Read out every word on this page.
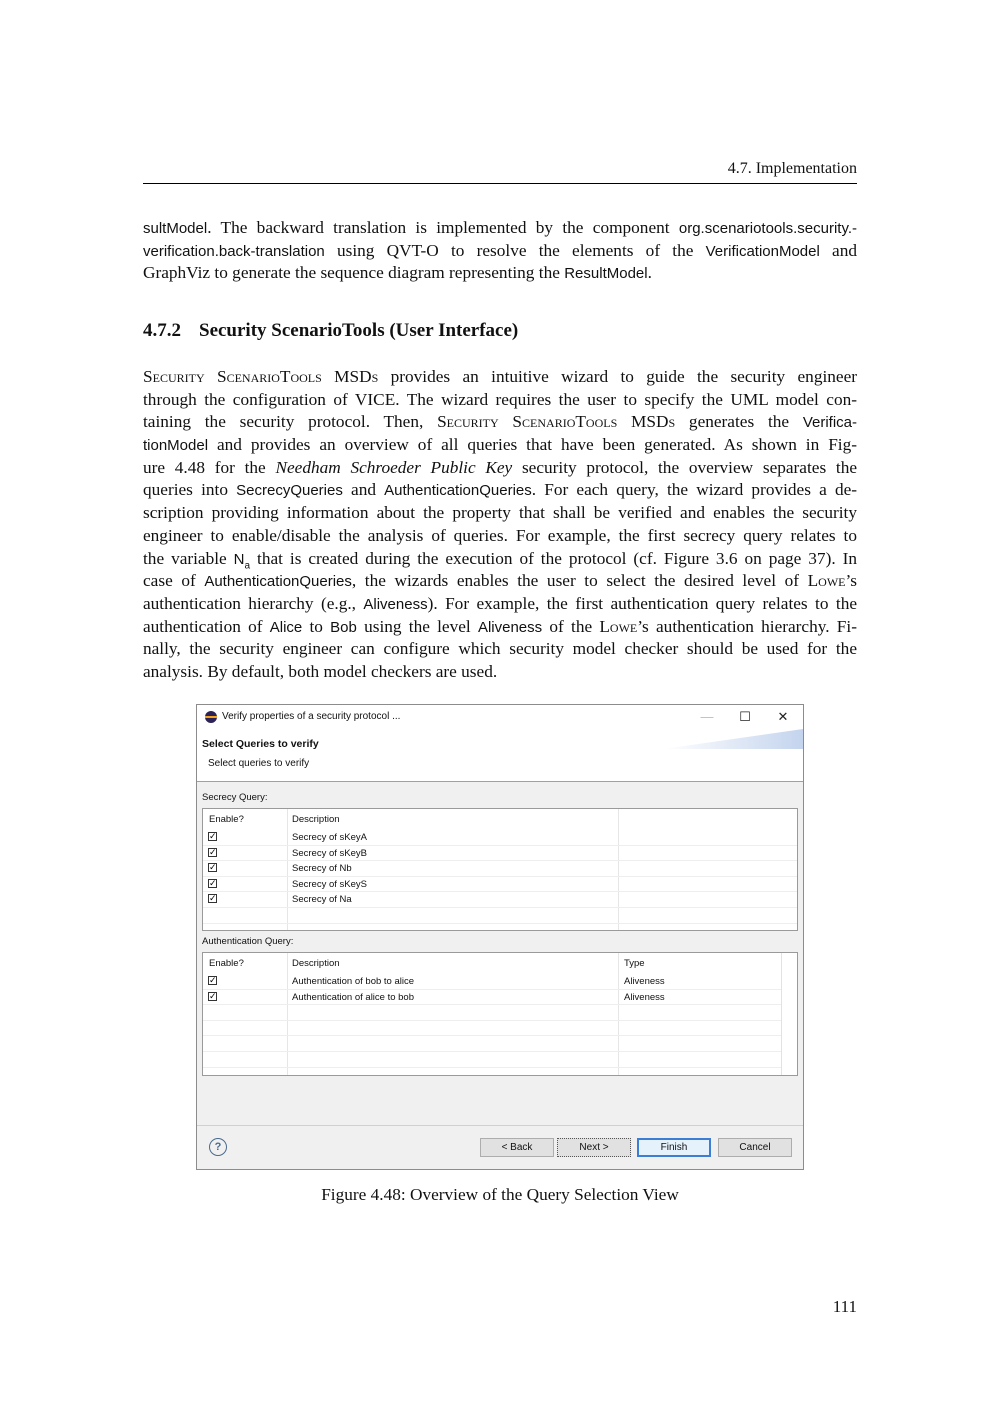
4.7. Implementation
sultModel. The backward translation is implemented by the component org.scenariotools.security.-
verification.back-translation using QVT-O to resolve the elements of the VerificationModel and
GraphViz to generate the sequence diagram representing the ResultModel.
4.7.2 Security ScenarioTools (User Interface)
Security ScenarioTools MSDs provides an intuitive wizard to guide the security engineer
through the configuration of VICE. The wizard requires the user to specify the UML model con-
taining the security protocol. Then, Security ScenarioTools MSDs generates the Verifica-
tionModel and provides an overview of all queries that have been generated. As shown in Fig-
ure 4.48 for the Needham Schroeder Public Key security protocol, the overview separates the
queries into SecrecyQueries and AuthenticationQueries. For each query, the wizard provides a de-
scription providing information about the property that shall be verified and enables the security
engineer to enable/disable the analysis of queries. For example, the first secrecy query relates to
the variable $N_a$ that is created during the execution of the protocol (cf. Figure 3.6 on page 37). In
case of AuthenticationQueries, the wizards enables the user to select the desired level of Lowe’s
authentication hierarchy (e.g., Aliveness). For example, the first authentication query relates to the
authentication of Alice to Bob using the level Aliveness of the Lowe’s authentication hierarchy. Fi-
nally, the security engineer can configure which security model checker should be used for the
analysis. By default, both model checkers are used.
Verify properties of a security protocol ...	—	☐	✕
Select Queries to verify
Select queries to verify
Secrecy Query:
Enable?	Description
✓	Secrecy of sKeyA
✓	Secrecy of sKeyB
✓	Secrecy of Nb
✓	Secrecy of sKeyS
✓	Secrecy of Na
Authentication Query:
Enable?	Description	Type
✓	Authentication of bob to alice	Aliveness
✓	Authentication of alice to bob	Aliveness
?	< Back	Next >	Finish	Cancel
Figure 4.48: Overview of the Query Selection View
111
